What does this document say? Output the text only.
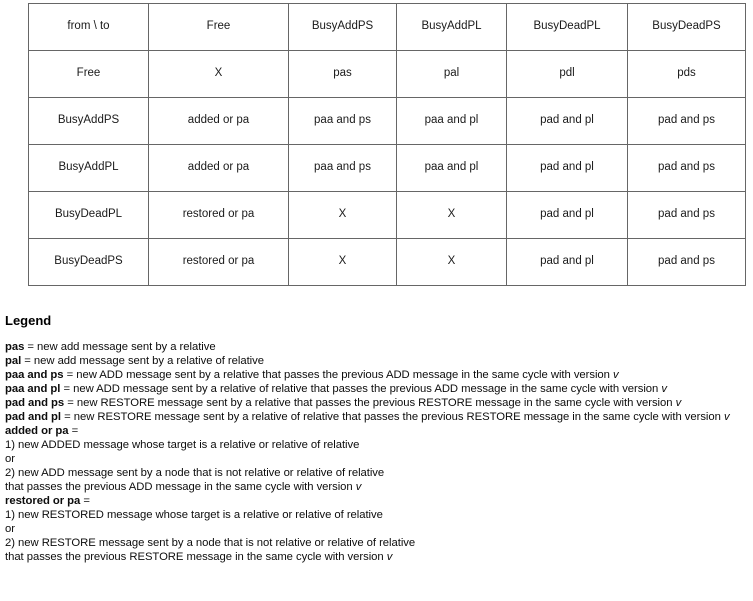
from \ to	Free	BusyAddPS	BusyAddPL	BusyDeadPL	BusyDeadPS
Free	X	pas	pal	pdl	pds
BusyAddPS	added or pa	paa and ps	paa and pl	pad and pl	pad and ps
BusyAddPL	added or pa	paa and ps	paa and pl	pad and pl	pad and ps
BusyDeadPL	restored or pa	X	X	pad and pl	pad and ps
BusyDeadPS	restored or pa	X	X	pad and pl	pad and ps
Legend
pas = new add message sent by a relative
pal = new add message sent by a relative of relative
paa and ps = new ADD message sent by a relative that passes the previous ADD message in the same cycle with version v
paa and pl = new ADD message sent by a relative of relative that passes the previous ADD message in the same cycle with version v
pad and ps = new RESTORE message sent by a relative that passes the previous RESTORE message in the same cycle with version v
pad and pl = new RESTORE message sent by a relative of relative that passes the previous RESTORE message in the same cycle with version v
added or pa =
1) new ADDED message whose target is a relative or relative of relative
or
2) new ADD message sent by a node that is not relative or relative of relative
that passes the previous ADD message in the same cycle with version v
restored or pa =
1) new RESTORED message whose target is a relative or relative of relative
or
2) new RESTORE message sent by a node that is not relative or relative of relative
that passes the previous RESTORE message in the same cycle with version v
